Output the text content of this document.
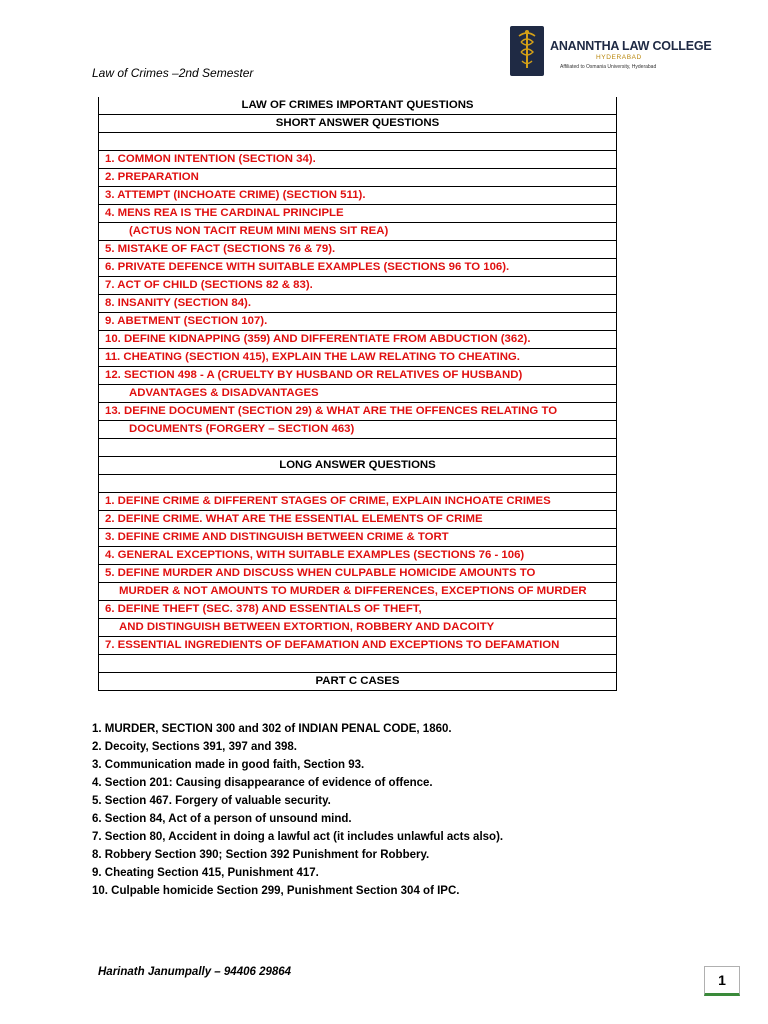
Law of Crimes –2nd Semester
ANANNTHA LAW COLLEGE
HYDERABAD
Affiliated to Osmania University, Hyderabad
LAW OF CRIMES IMPORTANT QUESTIONS
SHORT ANSWER QUESTIONS

1. COMMON INTENTION (SECTION 34).
2. PREPARATION
3. ATTEMPT (INCHOATE CRIME) (SECTION 511).
4. MENS REA IS THE CARDINAL PRINCIPLE
(ACTUS NON TACIT REUM MINI MENS SIT REA)
5. MISTAKE OF FACT (SECTIONS 76 & 79).
6. PRIVATE DEFENCE WITH SUITABLE EXAMPLES (SECTIONS 96 TO 106).
7. ACT OF CHILD (SECTIONS 82 & 83).
8. INSANITY (SECTION 84).
9. ABETMENT (SECTION 107).
10. DEFINE KIDNAPPING (359) AND DIFFERENTIATE FROM ABDUCTION (362).
11. CHEATING (SECTION 415), EXPLAIN THE LAW RELATING TO CHEATING.
12. SECTION 498 - A (CRUELTY BY HUSBAND OR RELATIVES OF HUSBAND)
ADVANTAGES & DISADVANTAGES
13. DEFINE DOCUMENT (SECTION 29) & WHAT ARE THE OFFENCES RELATING TO
DOCUMENTS (FORGERY – SECTION 463)

LONG ANSWER QUESTIONS

1. DEFINE CRIME & DIFFERENT STAGES OF CRIME, EXPLAIN INCHOATE CRIMES
2. DEFINE CRIME. WHAT ARE THE ESSENTIAL ELEMENTS OF CRIME
3. DEFINE CRIME AND DISTINGUISH BETWEEN CRIME & TORT
4. GENERAL EXCEPTIONS, WITH SUITABLE EXAMPLES (SECTIONS 76 - 106)
5. DEFINE MURDER AND DISCUSS WHEN CULPABLE HOMICIDE AMOUNTS TO
MURDER & NOT AMOUNTS TO MURDER & DIFFERENCES, EXCEPTIONS OF MURDER
6. DEFINE THEFT (SEC. 378) AND ESSENTIALS OF THEFT,
AND DISTINGUISH BETWEEN EXTORTION, ROBBERY AND DACOITY
7. ESSENTIAL INGREDIENTS OF DEFAMATION AND EXCEPTIONS TO DEFAMATION

PART C CASES
1. MURDER, SECTION 300 and 302 of INDIAN PENAL CODE, 1860.
2. Decoity, Sections 391, 397 and 398.
3. Communication made in good faith, Section 93.
4. Section 201: Causing disappearance of evidence of offence.
5. Section 467. Forgery of valuable security.
6. Section 84, Act of a person of unsound mind.
7. Section 80, Accident in doing a lawful act (it includes unlawful acts also).
8. Robbery Section 390; Section 392 Punishment for Robbery.
9. Cheating Section 415, Punishment 417.
10. Culpable homicide Section 299, Punishment Section 304 of IPC.
Harinath Janumpally – 94406 29864	1
